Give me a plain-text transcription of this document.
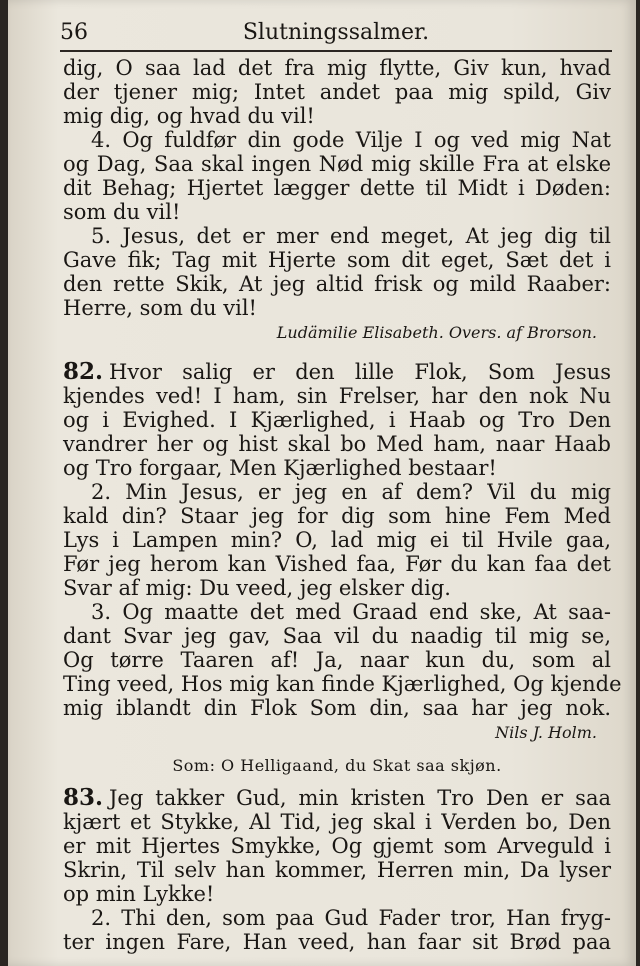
56	Slutningssalmer.
dig, O saa lad det fra mig flytte, Giv kun, hvad
der tjener mig; Intet andet paa mig spild, Giv
mig dig, og hvad du vil!
4. Og fuldfør din gode Vilje I og ved mig Nat
og Dag, Saa skal ingen Nød mig skille Fra at elske
dit Behag; Hjertet lægger dette til Midt i Døden:
som du vil!
5. Jesus, det er mer end meget, At jeg dig til
Gave fik; Tag mit Hjerte som dit eget, Sæt det i
den rette Skik, At jeg altid frisk og mild Raaber:
Herre, som du vil!
Ludämilie Elisabeth. Overs. af Brorson.
82. Hvor salig er den lille Flok, Som Jesus
kjendes ved! I ham, sin Frelser, har den nok Nu
og i Evighed. I Kjærlighed, i Haab og Tro Den
vandrer her og hist skal bo Med ham, naar Haab
og Tro forgaar, Men Kjærlighed bestaar!
2. Min Jesus, er jeg en af dem? Vil du mig
kald din? Staar jeg for dig som hine Fem Med
Lys i Lampen min? O, lad mig ei til Hvile gaa,
Før jeg herom kan Vished faa, Før du kan faa det
Svar af mig: Du veed, jeg elsker dig.
3. Og maatte det med Graad end ske, At saa-
dant Svar jeg gav, Saa vil du naadig til mig se,
Og tørre Taaren af! Ja, naar kun du, som al
Ting veed, Hos mig kan finde Kjærlighed, Og kjende
mig iblandt din Flok Som din, saa har jeg nok.
Nils J. Holm.
Som: O Helligaand, du Skat saa skjøn.
83. Jeg takker Gud, min kristen Tro Den er saa
kjært et Stykke, Al Tid, jeg skal i Verden bo, Den
er mit Hjertes Smykke, Og gjemt som Arveguld i
Skrin, Til selv han kommer, Herren min, Da lyser
op min Lykke!
2. Thi den, som paa Gud Fader tror, Han fryg-
ter ingen Fare, Han veed, han faar sit Brød paa
